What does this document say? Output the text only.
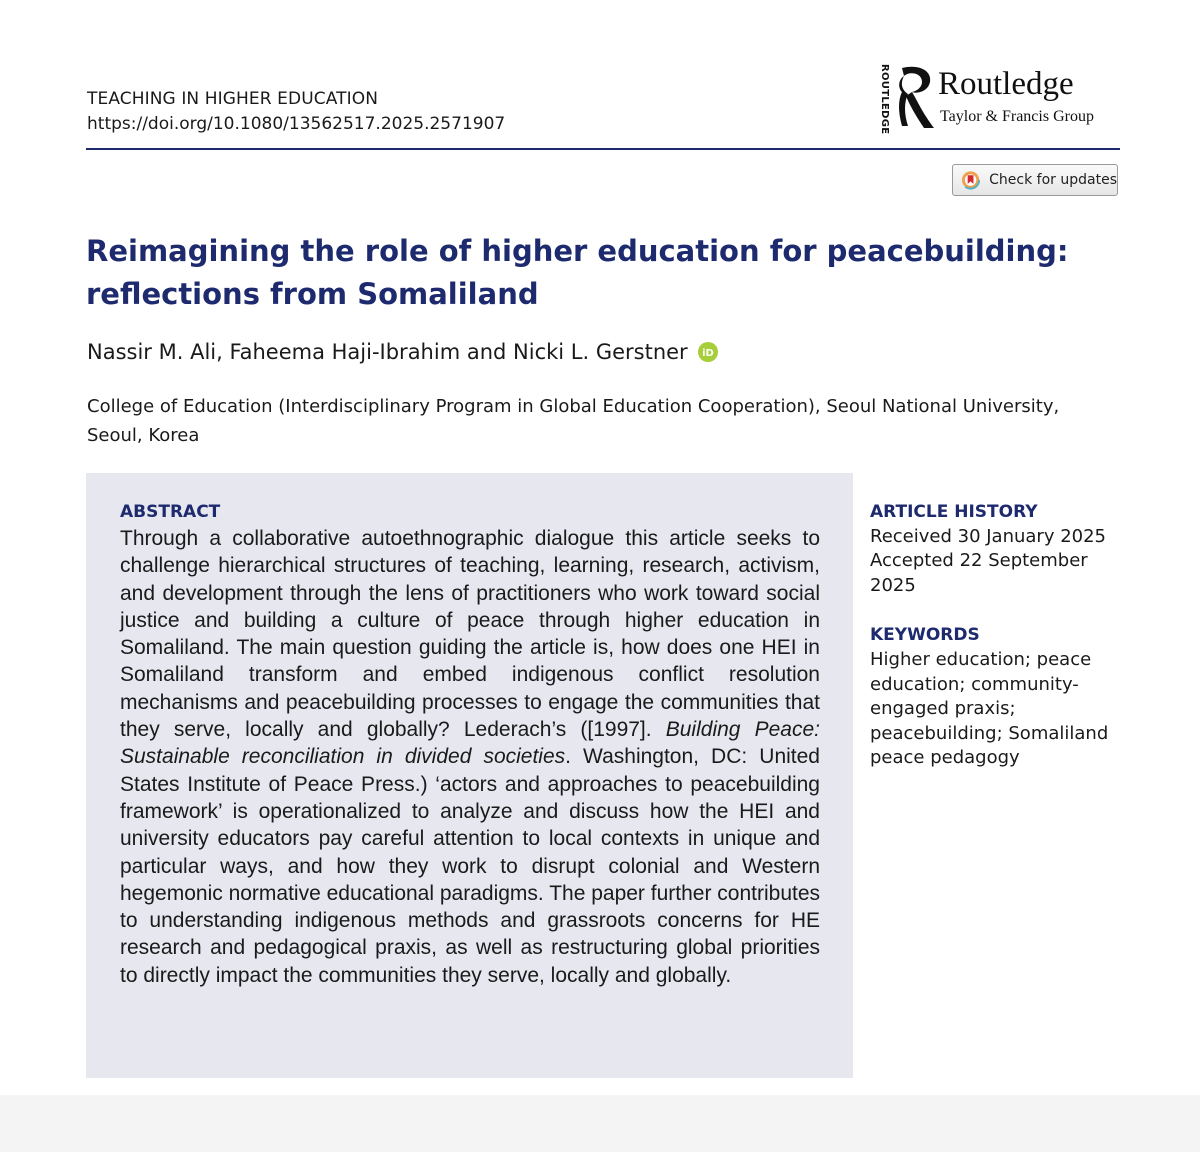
TEACHING IN HIGHER EDUCATION
https://doi.org/10.1080/13562517.2025.2571907	ROUTLEDGE Routledge
Taylor & Francis Group
Check for updates
Reimagining the role of higher education for peacebuilding:
reflections from Somaliland
Nassir M. Ali, Faheema Haji-Ibrahim and Nicki L. Gerstner iD
College of Education (Interdisciplinary Program in Global Education Cooperation), Seoul National University,
Seoul, Korea
ABSTRACT
Through a collaborative autoethnographic dialogue this article seeks to challenge hierarchical structures of teaching, learning, research, activism, and development through the lens of practitioners who work toward social justice and building a culture of peace through higher education in Somaliland. The main question guiding the article is, how does one HEI in Somaliland transform and embed indigenous conflict resolution mechanisms and peacebuilding processes to engage the communities that they serve, locally and globally? Lederach’s ([1997]. Building Peace: Sustainable reconciliation in divided societies. Washington, DC: United States Institute of Peace Press.) ‘actors and approaches to peacebuilding framework’ is operationalized to analyze and discuss how the HEI and university educators pay careful attention to local contexts in unique and particular ways, and how they work to disrupt colonial and Western hegemonic normative educational paradigms. The paper further contributes to understanding indigenous methods and grassroots concerns for HE research and pedagogical praxis, as well as restructuring global priorities to directly impact the communities they serve, locally and globally.
ARTICLE HISTORY
Received 30 January 2025
Accepted 22 September
2025
KEYWORDS
Higher education; peace education; community-engaged praxis; peacebuilding; Somaliland peace pedagogy
